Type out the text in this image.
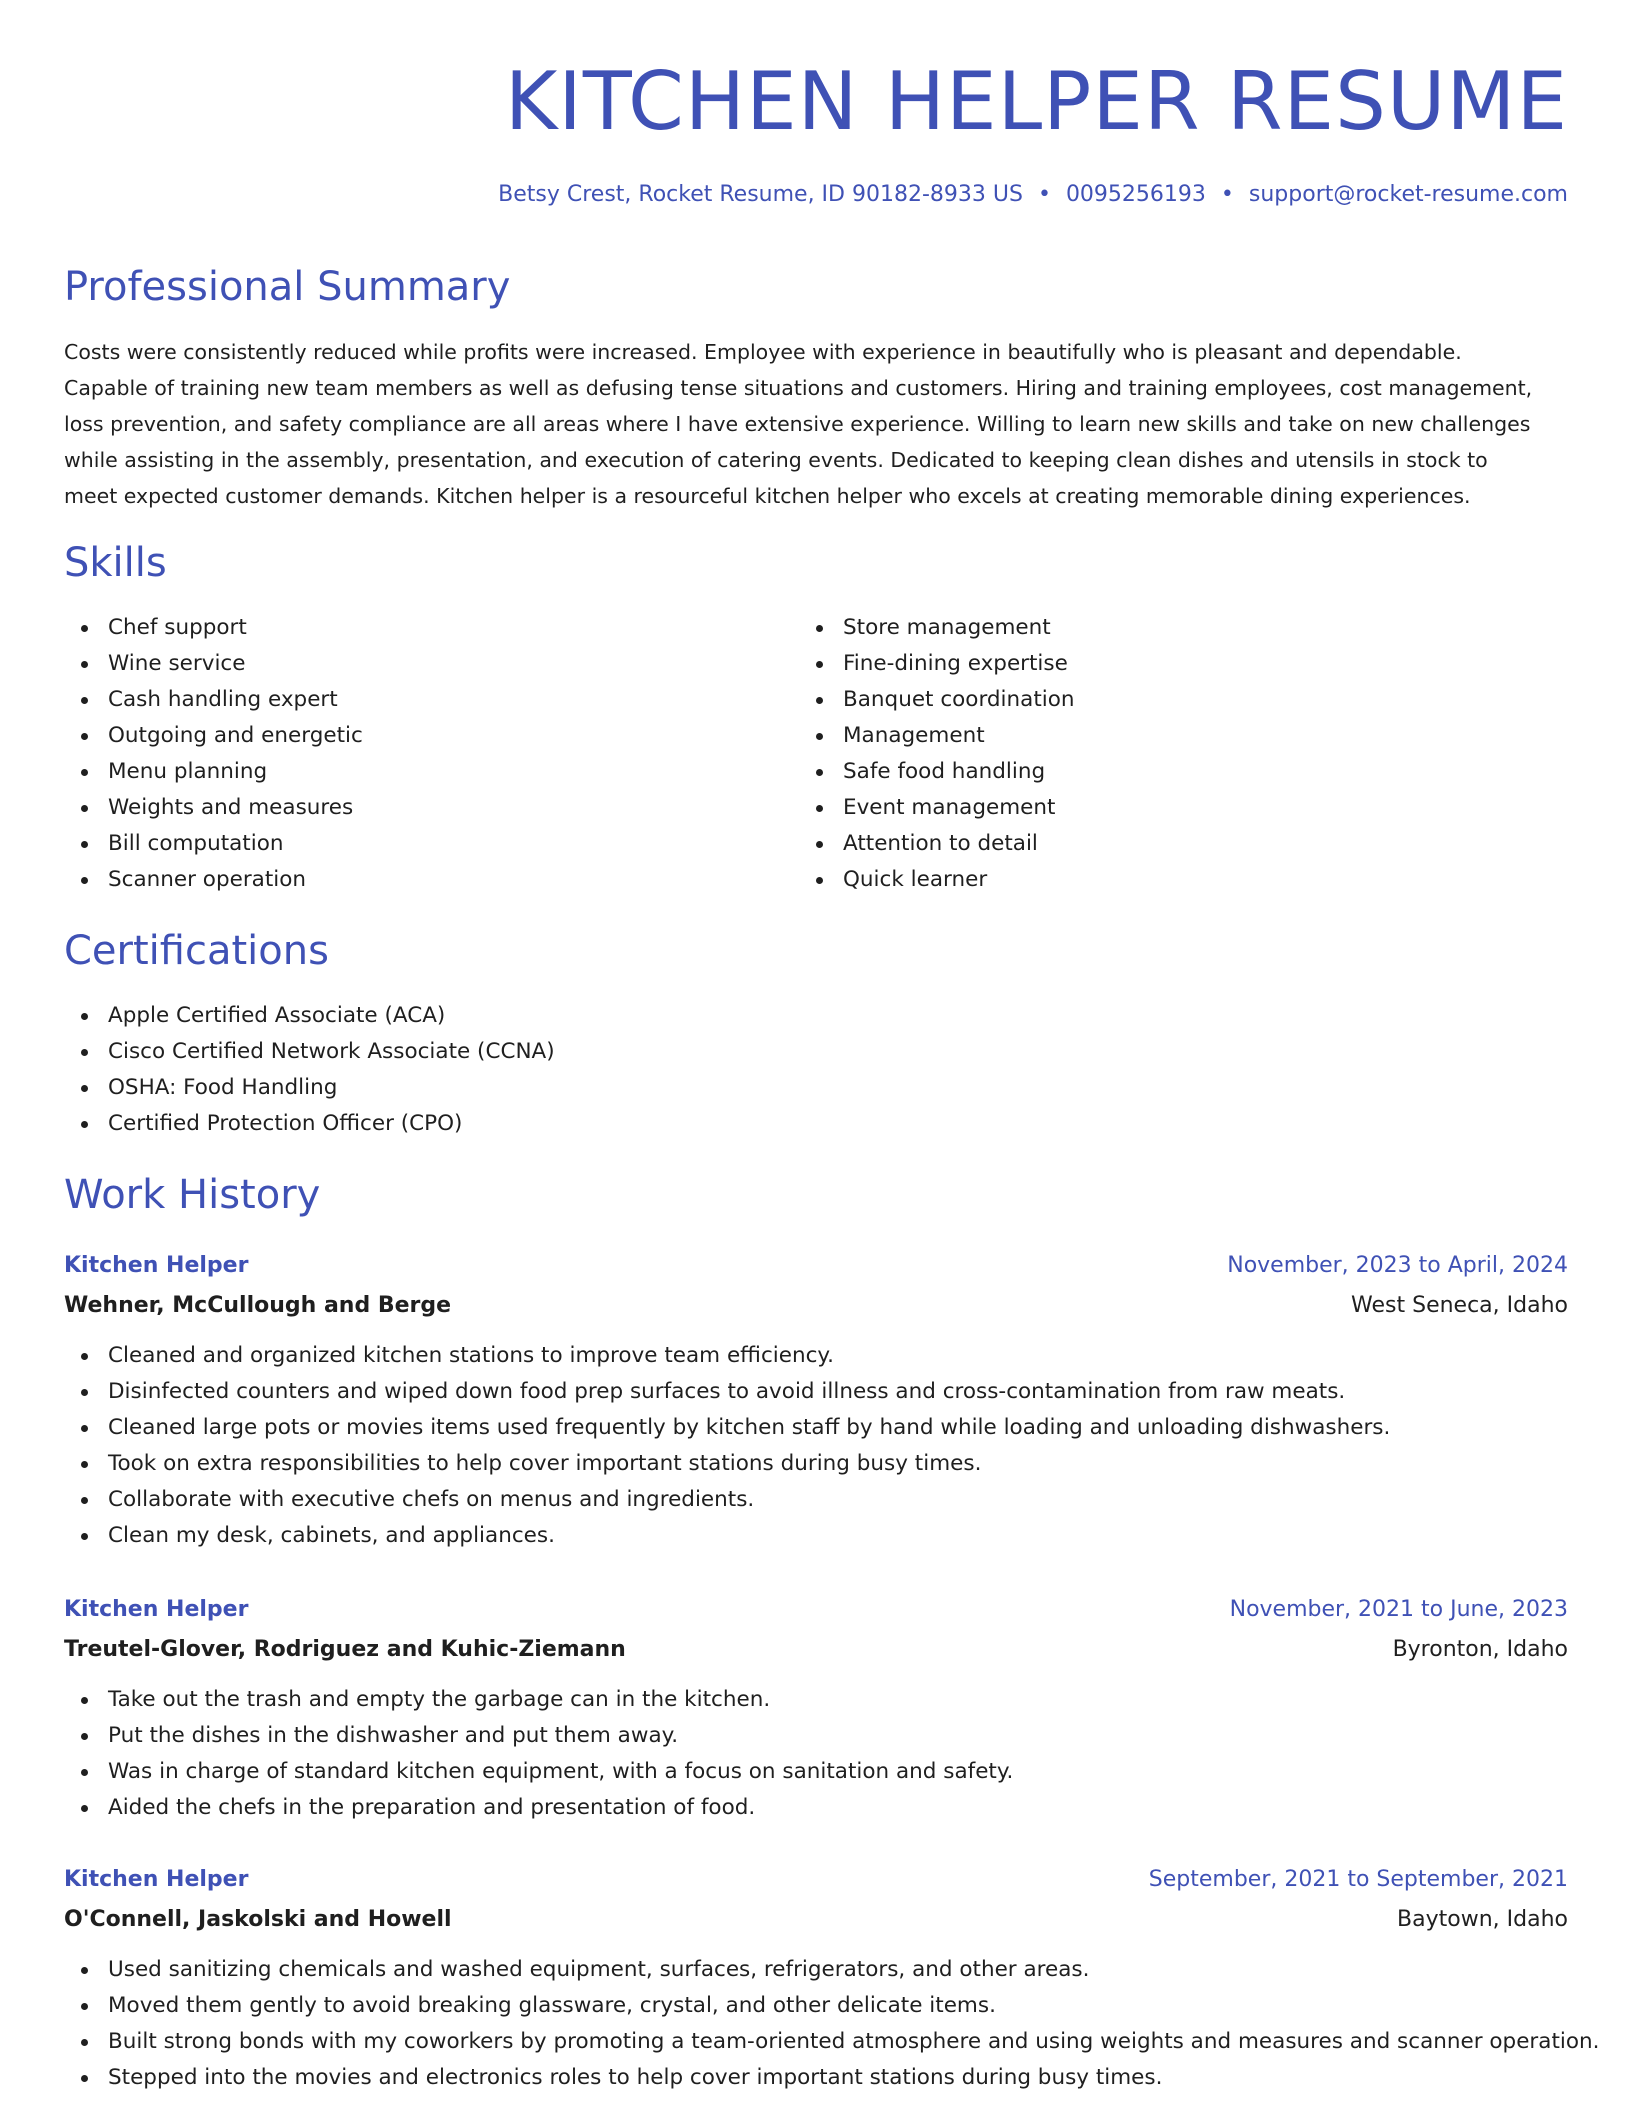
KITCHEN HELPER RESUME
Betsy Crest, Rocket Resume, ID 90182-8933 US • 0095256193 • support@rocket-resume.com
Professional Summary
Costs were consistently reduced while profits were increased. Employee with experience in beautifully who is pleasant and dependable.
Capable of training new team members as well as defusing tense situations and customers. Hiring and training employees, cost management,
loss prevention, and safety compliance are all areas where I have extensive experience. Willing to learn new skills and take on new challenges
while assisting in the assembly, presentation, and execution of catering events. Dedicated to keeping clean dishes and utensils in stock to
meet expected customer demands. Kitchen helper is a resourceful kitchen helper who excels at creating memorable dining experiences.
Skills
Chef support
Wine service
Cash handling expert
Outgoing and energetic
Menu planning
Weights and measures
Bill computation
Scanner operation
Store management
Fine-dining expertise
Banquet coordination
Management
Safe food handling
Event management
Attention to detail
Quick learner
Certifications
Apple Certified Associate (ACA)
Cisco Certified Network Associate (CCNA)
OSHA: Food Handling
Certified Protection Officer (CPO)
Work History
Kitchen Helper	November, 2023 to April, 2024
Wehner, McCullough and Berge	West Seneca, Idaho
Cleaned and organized kitchen stations to improve team efficiency.
Disinfected counters and wiped down food prep surfaces to avoid illness and cross-contamination from raw meats.
Cleaned large pots or movies items used frequently by kitchen staff by hand while loading and unloading dishwashers.
Took on extra responsibilities to help cover important stations during busy times.
Collaborate with executive chefs on menus and ingredients.
Clean my desk, cabinets, and appliances.
Kitchen Helper	November, 2021 to June, 2023
Treutel-Glover, Rodriguez and Kuhic-Ziemann	Byronton, Idaho
Take out the trash and empty the garbage can in the kitchen.
Put the dishes in the dishwasher and put them away.
Was in charge of standard kitchen equipment, with a focus on sanitation and safety.
Aided the chefs in the preparation and presentation of food.
Kitchen Helper	September, 2021 to September, 2021
O'Connell, Jaskolski and Howell	Baytown, Idaho
Used sanitizing chemicals and washed equipment, surfaces, refrigerators, and other areas.
Moved them gently to avoid breaking glassware, crystal, and other delicate items.
Built strong bonds with my coworkers by promoting a team-oriented atmosphere and using weights and measures and scanner operation.
Stepped into the movies and electronics roles to help cover important stations during busy times.
